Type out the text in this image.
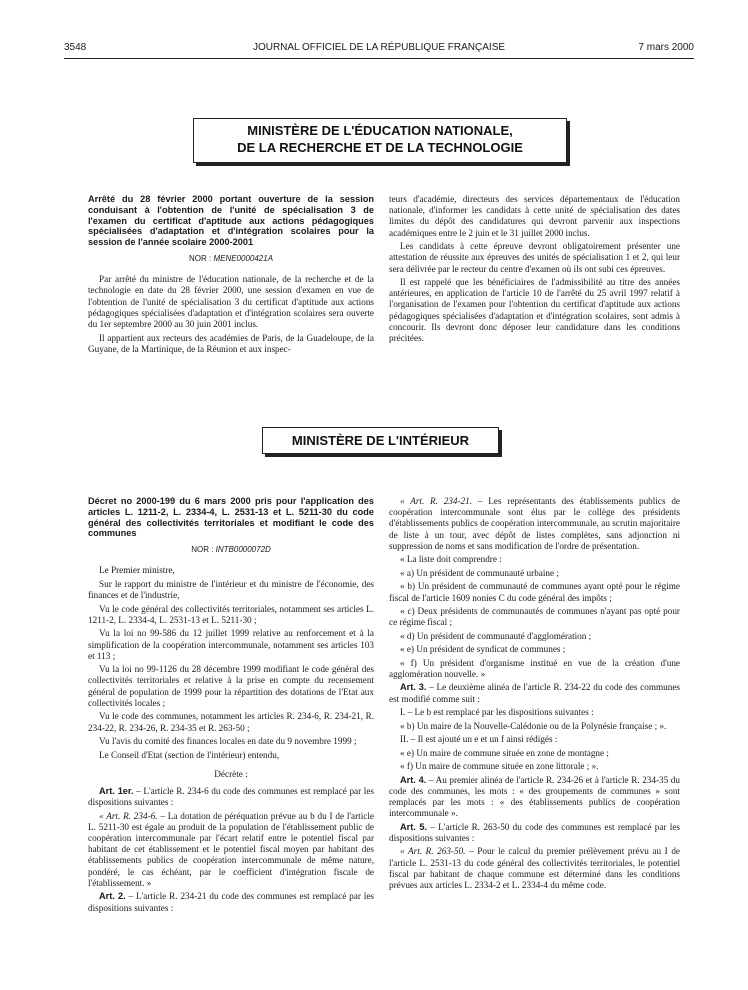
3548	JOURNAL OFFICIEL DE LA RÉPUBLIQUE FRANÇAISE	7 mars 2000
MINISTÈRE DE L'ÉDUCATION NATIONALE,
DE LA RECHERCHE ET DE LA TECHNOLOGIE
Arrêté du 28 février 2000 portant ouverture de la session conduisant à l'obtention de l'unité de spécialisation 3 de l'examen du certificat d'aptitude aux actions pédagogiques spécialisées d'adaptation et d'intégration scolaires pour la session de l'année scolaire 2000-2001
NOR : MENE0000421A

Par arrêté du ministre de l'éducation nationale, de la recherche et de la technologie en date du 28 février 2000, une session d'examen en vue de l'obtention de l'unité de spécialisation 3 du certificat d'aptitude aux actions pédagogiques spécialisées d'adaptation et d'intégration scolaires sera ouverte du 1er septembre 2000 au 30 juin 2001 inclus.

Il appartient aux recteurs des académies de Paris, de la Guadeloupe, de la Guyane, de la Martinique, de la Réunion et aux inspec-

teurs d'académie, directeurs des services départementaux de l'éducation nationale, d'informer les candidats à cette unité de spécialisation des dates limites du dépôt des candidatures qui devront parvenir aux inspections académiques entre le 2 juin et le 31 juillet 2000 inclus.

Les candidats à cette épreuve devront obligatoirement présenter une attestation de réussite aux épreuves des unités de spécialisation 1 et 2, qui leur sera délivrée par le recteur du centre d'examen où ils ont subi ces épreuves.

Il est rappelé que les bénéficiaires de l'admissibilité au titre des années antérieures, en application de l'article 10 de l'arrêté du 25 avril 1997 relatif à l'organisation de l'examen pour l'obtention du certificat d'aptitude aux actions pédagogiques spécialisées d'adaptation et d'intégration scolaires, sont admis à concourir. Ils devront donc déposer leur candidature dans les conditions précitées.

MINISTÈRE DE L'INTÉRIEUR
Décret no 2000-199 du 6 mars 2000 pris pour l'application des articles L. 1211-2, L. 2334-4, L. 2531-13 et L. 5211-30 du code général des collectivités territoriales et modifiant le code des communes
NOR : INTB0000072D

Le Premier ministre,

Sur le rapport du ministre de l'intérieur et du ministre de l'économie, des finances et de l'industrie,

Vu le code général des collectivités territoriales, notamment ses articles L. 1211-2, L. 2334-4, L. 2531-13 et L. 5211-30 ;

Vu la loi no 99-586 du 12 juillet 1999 relative au renforcement et à la simplification de la coopération intercommunale, notamment ses articles 103 et 113 ;

Vu la loi no 99-1126 du 28 décembre 1999 modifiant le code général des collectivités territoriales et relative à la prise en compte du recensement général de population de 1999 pour la répartition des dotations de l'Etat aux collectivités locales ;

Vu le code des communes, notamment les articles R. 234-6, R. 234-21, R. 234-22, R. 234-26, R. 234-35 et R. 263-50 ;

Vu l'avis du comité des finances locales en date du 9 novembre 1999 ;

Le Conseil d'Etat (section de l'intérieur) entendu,

Décrète :

Art. 1er. – L'article R. 234-6 du code des communes est remplacé par les dispositions suivantes :

« Art. R. 234-6. – La dotation de péréquation prévue au b du I de l'article L. 5211-30 est égale au produit de la population de l'établissement public de coopération intercommunale par l'écart relatif entre le potentiel fiscal par habitant de cet établissement et le potentiel fiscal moyen par habitant des établissements publics de coopération intercommunale de même nature, pondéré, le cas échéant, par le coefficient d'intégration fiscale de l'établissement. »

Art. 2. – L'article R. 234-21 du code des communes est remplacé par les dispositions suivantes :

« Art. R. 234-21. – Les représentants des établissements publics de coopération intercommunale sont élus par le collège des présidents d'établissements publics de coopération intercommunale, au scrutin majoritaire de liste à un tour, avec dépôt de listes complètes, sans adjonction ni suppression de noms et sans modification de l'ordre de présentation.

« La liste doit comprendre :

« a) Un président de communauté urbaine ;

« b) Un président de communauté de communes ayant opté pour le régime fiscal de l'article 1609 nonies C du code général des impôts ;

« c) Deux présidents de communautés de communes n'ayant pas opté pour ce régime fiscal ;

« d) Un président de communauté d'agglomération ;

« e) Un président de syndicat de communes ;

« f) Un président d'organisme institué en vue de la création d'une agglomération nouvelle. »

Art. 3. – Le deuxième alinéa de l'article R. 234-22 du code des communes est modifié comme suit :

I. – Le b est remplacé par les dispositions suivantes :

« b) Un maire de la Nouvelle-Calédonie ou de la Polynésie française ; ».

II. – Il est ajouté un e et un f ainsi rédigés :

« e) Un maire de commune située en zone de montagne ;

« f) Un maire de commune située en zone littorale ; ».

Art. 4. – Au premier alinéa de l'article R. 234-26 et à l'article R. 234-35 du code des communes, les mots : « des groupements de communes » sont remplacés par les mots : « des établissements publics de coopération intercommunale ».

Art. 5. – L'article R. 263-50 du code des communes est remplacé par les dispositions suivantes :

« Art. R. 263-50. – Pour le calcul du premier prélèvement prévu au I de l'article L. 2531-13 du code général des collectivités territoriales, le potentiel fiscal par habitant de chaque commune est déterminé dans les conditions prévues aux articles L. 2334-2 et L. 2334-4 du même code.
